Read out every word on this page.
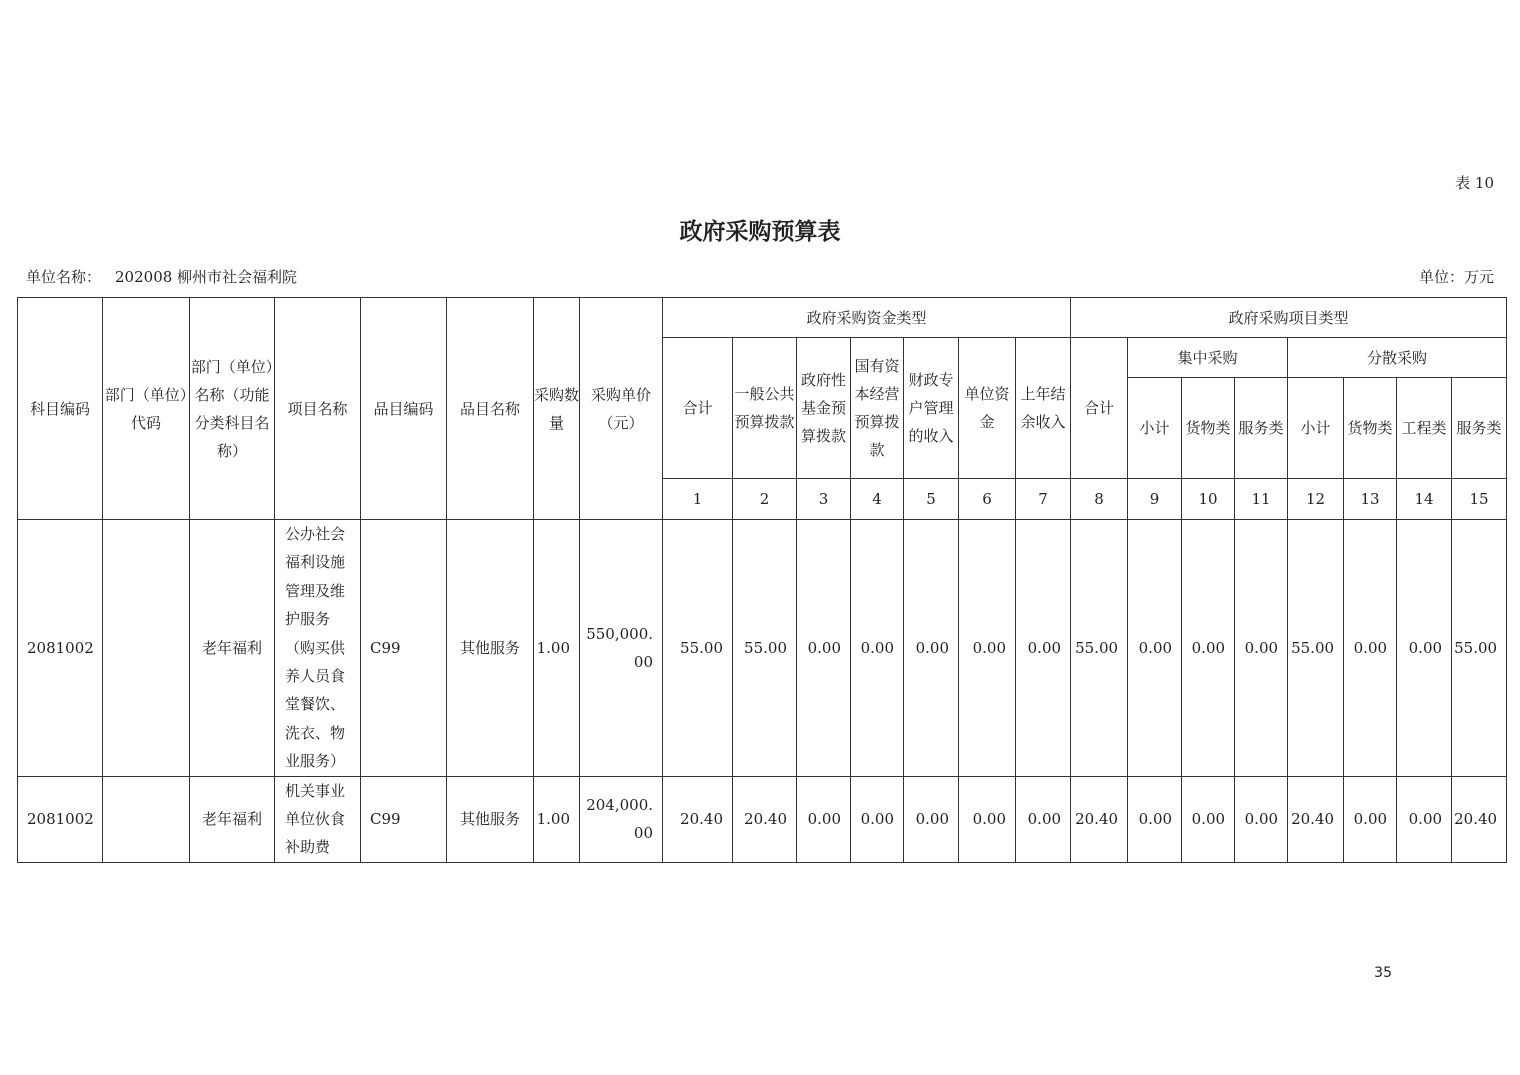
表 10
政府采购预算表
单位名称： 202008 柳州市社会福利院	单位：万元
科目编码	部门（单位）代码	部门（单位）名称（功能分类科目名称）	项目名称	品目编码	品目名称	采购数量	采购单价（元）	政府采购资金类型							政府采购项目类型							
								合计	一般公共预算拨款	政府性基金预算拨款	国有资本经营预算拨款	财政专户管理的收入	单位资金	上年结余收入	合计	集中采购			分散采购			
																小计	货物类	服务类	小计	货物类	工程类	服务类
								1	2	3	4	5	6	7	8	9	10	11	12	13	14	15
2081002		老年福利	公办社会福利设施管理及维护服务（购买供养人员食堂餐饮、洗衣、物业服务）	C99	其他服务	1.00	550,000.00	55.00	55.00	0.00	0.00	0.00	0.00	0.00	55.00	0.00	0.00	0.00	55.00	0.00	0.00	55.00
2081002		老年福利	机关事业单位伙食补助费	C99	其他服务	1.00	204,000.00	20.40	20.40	0.00	0.00	0.00	0.00	0.00	20.40	0.00	0.00	0.00	20.40	0.00	0.00	20.40
35
